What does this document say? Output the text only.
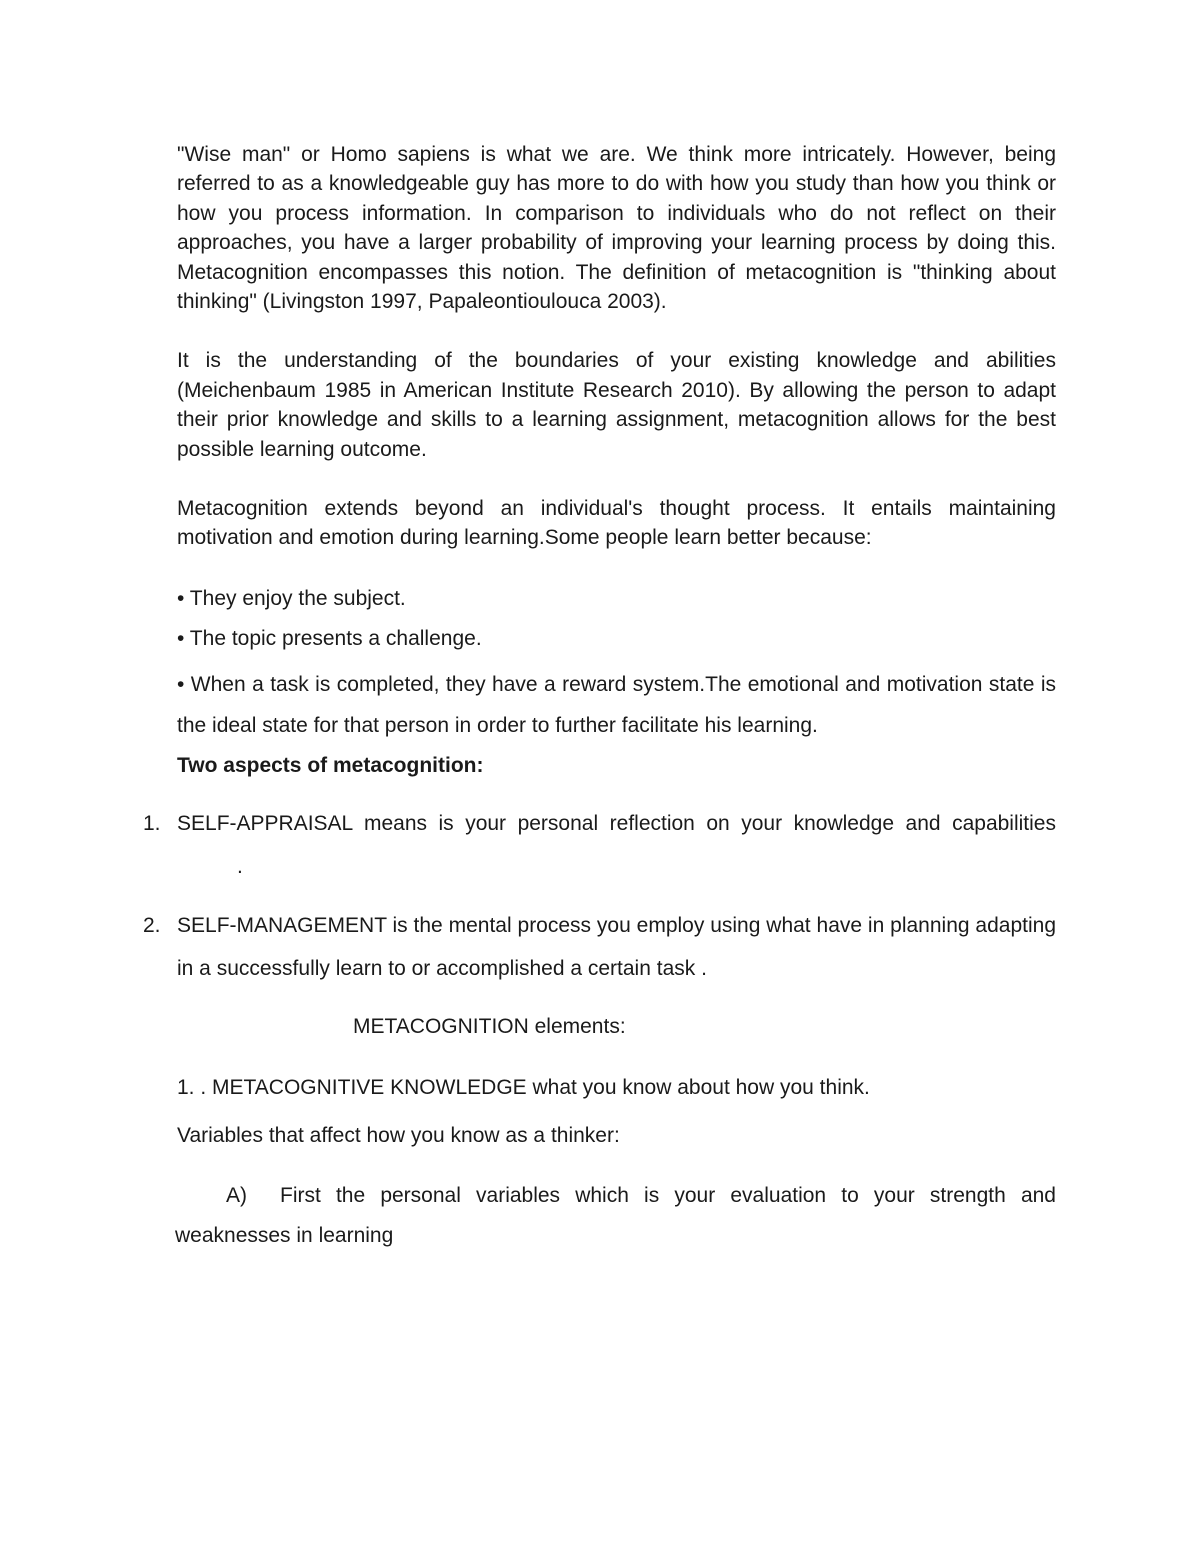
"Wise man" or Homo sapiens is what we are. We think more intricately. However, being referred to as a knowledgeable guy has more to do with how you study than how you think or how you process information. In comparison to individuals who do not reflect on their approaches, you have a larger probability of improving your learning process by doing this. Metacognition encompasses this notion. The definition of metacognition is "thinking about thinking" (Livingston 1997, Papaleontioulouca 2003).

It is the understanding of the boundaries of your existing knowledge and abilities (Meichenbaum 1985 in American Institute Research 2010). By allowing the person to adapt their prior knowledge and skills to a learning assignment, metacognition allows for the best possible learning outcome.

Metacognition extends beyond an individual's thought process. It entails maintaining motivation and emotion during learning.Some people learn better because:

• They enjoy the subject.

• The topic presents a challenge.

• When a task is completed, they have a reward system.The emotional and motivation state is the ideal state for that person in order to further facilitate his learning.

Two aspects of metacognition:

1. SELF-APPRAISAL means is your personal reflection on your knowledge and capabilities.

2. SELF-MANAGEMENT is the mental process you employ using what have in planning adapting in a successfully learn to or accomplished a certain task .

METACOGNITION elements:

1. . METACOGNITIVE KNOWLEDGE what you know about how you think.

Variables that affect how you know as a thinker:

A) First the personal variables which is your evaluation to your strength and weaknesses in learning
